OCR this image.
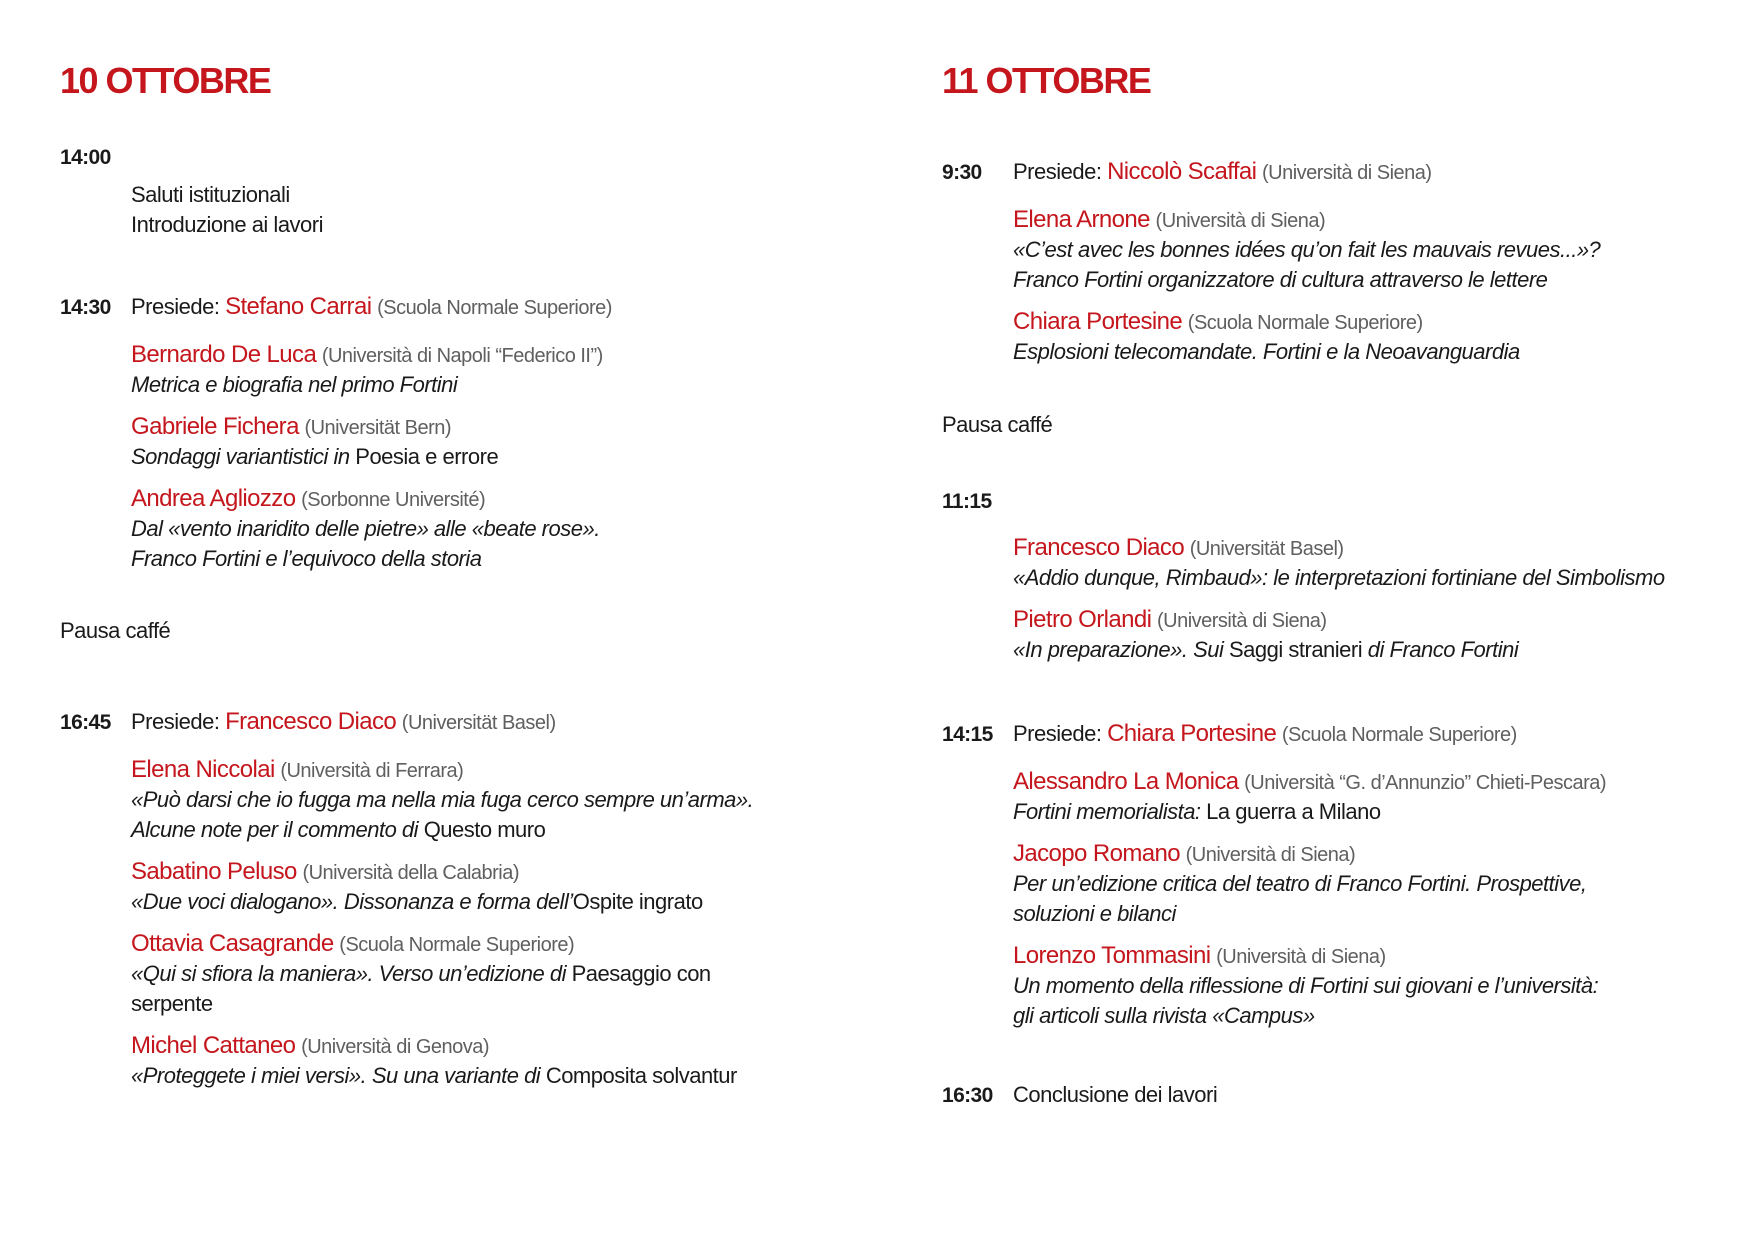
10 OTTOBRE
14:00
Saluti istituzionali
Introduzione ai lavori
14:30 Presiede: Stefano Carrai (Scuola Normale Superiore)
Bernardo De Luca (Università di Napoli “Federico II”)
Metrica e biografia nel primo Fortini
Gabriele Fichera (Universität Bern)
Sondaggi variantistici in Poesia e errore
Andrea Agliozzo (Sorbonne Université)
Dal «vento inaridito delle pietre» alle «beate rose».
Franco Fortini e l’equivoco della storia
Pausa caffé
16:45 Presiede: Francesco Diaco (Universität Basel)
Elena Niccolai (Università di Ferrara)
«Può darsi che io fugga ma nella mia fuga cerco sempre un’arma».
Alcune note per il commento di Questo muro
Sabatino Peluso (Università della Calabria)
«Due voci dialogano». Dissonanza e forma dell’Ospite ingrato
Ottavia Casagrande (Scuola Normale Superiore)
«Qui si sfiora la maniera». Verso un’edizione di Paesaggio con
serpente
Michel Cattaneo (Università di Genova)
«Proteggete i miei versi». Su una variante di Composita solvantur
11 OTTOBRE
9:30 Presiede: Niccolò Scaffai (Università di Siena)
Elena Arnone (Università di Siena)
«C’est avec les bonnes idées qu’on fait les mauvais revues...»?
Franco Fortini organizzatore di cultura attraverso le lettere
Chiara Portesine (Scuola Normale Superiore)
Esplosioni telecomandate. Fortini e la Neoavanguardia
Pausa caffé
11:15
Francesco Diaco (Universität Basel)
«Addio dunque, Rimbaud»: le interpretazioni fortiniane del Simbolismo
Pietro Orlandi (Università di Siena)
«In preparazione». Sui Saggi stranieri di Franco Fortini
14:15 Presiede: Chiara Portesine (Scuola Normale Superiore)
Alessandro La Monica (Università “G. d’Annunzio” Chieti-Pescara)
Fortini memorialista: La guerra a Milano
Jacopo Romano (Università di Siena)
Per un’edizione critica del teatro di Franco Fortini. Prospettive,
soluzioni e bilanci
Lorenzo Tommasini (Università di Siena)
Un momento della riflessione di Fortini sui giovani e l’università:
gli articoli sulla rivista «Campus»
16:30 Conclusione dei lavori
